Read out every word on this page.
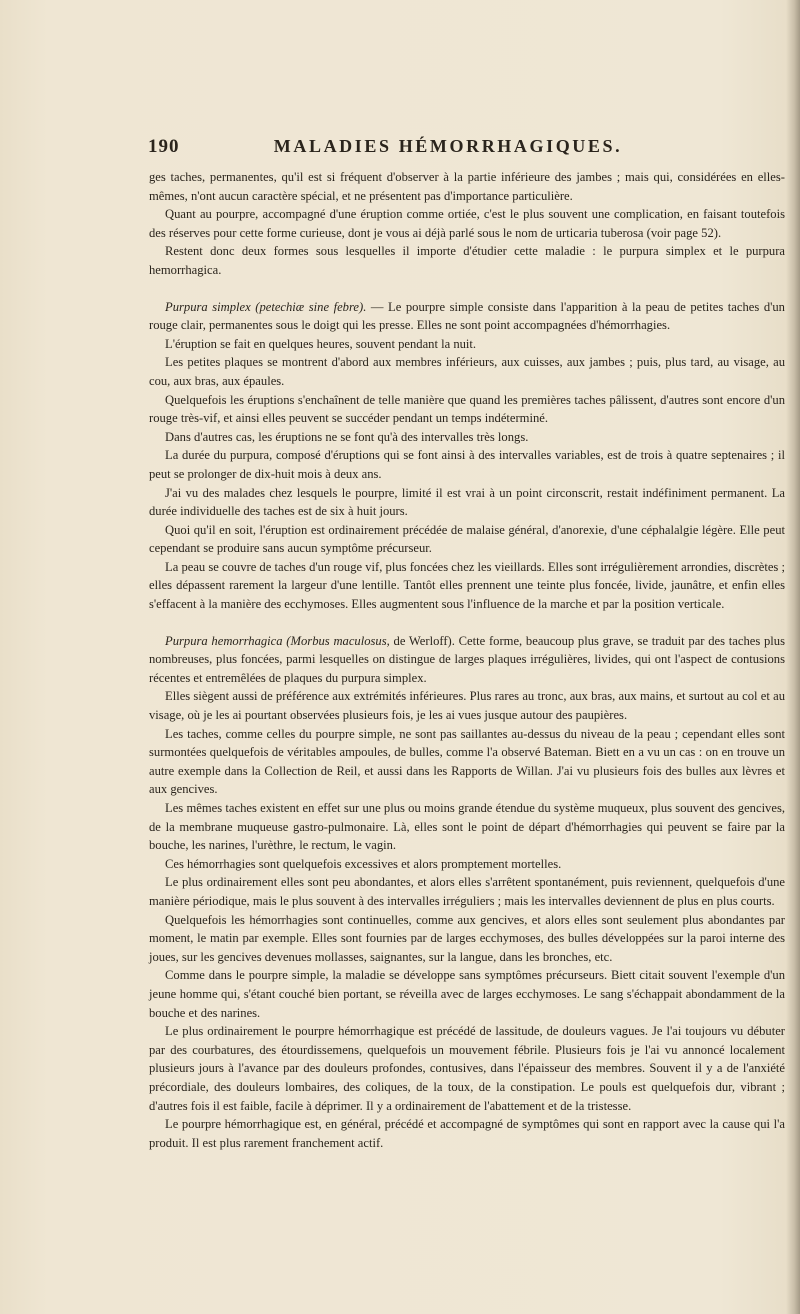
190	MALADIES HÉMORRHAGIQUES.

ges taches, permanentes, qu'il est si fréquent d'observer à la partie inférieure des jambes ; mais qui, considérées en elles-mêmes, n'ont aucun caractère spécial, et ne présentent pas d'importance particulière.

Quant au pourpre, accompagné d'une éruption comme ortiée, c'est le plus souvent une complication, en faisant toutefois des réserves pour cette forme curieuse, dont je vous ai déjà parlé sous le nom de urticaria tuberosa (voir page 52).

Restent donc deux formes sous lesquelles il importe d'étudier cette maladie : le purpura simplex et le purpura hemorrhagica.

Purpura simplex (petechiæ sine febre). — Le pourpre simple consiste dans l'apparition à la peau de petites taches d'un rouge clair, permanentes sous le doigt qui les presse. Elles ne sont point accompagnées d'hémorrhagies.

L'éruption se fait en quelques heures, souvent pendant la nuit.

Les petites plaques se montrent d'abord aux membres inférieurs, aux cuisses, aux jambes ; puis, plus tard, au visage, au cou, aux bras, aux épaules.

Quelquefois les éruptions s'enchaînent de telle manière que quand les premières taches pâlissent, d'autres sont encore d'un rouge très-vif, et ainsi elles peuvent se succéder pendant un temps indéterminé.

Dans d'autres cas, les éruptions ne se font qu'à des intervalles très longs.

La durée du purpura, composé d'éruptions qui se font ainsi à des intervalles variables, est de trois à quatre septenaires ; il peut se prolonger de dix-huit mois à deux ans.

J'ai vu des malades chez lesquels le pourpre, limité il est vrai à un point circonscrit, restait indéfiniment permanent. La durée individuelle des taches est de six à huit jours.

Quoi qu'il en soit, l'éruption est ordinairement précédée de malaise général, d'anorexie, d'une céphalalgie légère. Elle peut cependant se produire sans aucun symptôme précurseur.

La peau se couvre de taches d'un rouge vif, plus foncées chez les vieillards. Elles sont irrégulièrement arrondies, discrètes ; elles dépassent rarement la largeur d'une lentille. Tantôt elles prennent une teinte plus foncée, livide, jaunâtre, et enfin elles s'effacent à la manière des ecchymoses. Elles augmentent sous l'influence de la marche et par la position verticale.

Purpura hemorrhagica (Morbus maculosus, de Werloff). Cette forme, beaucoup plus grave, se traduit par des taches plus nombreuses, plus foncées, parmi lesquelles on distingue de larges plaques irrégulières, livides, qui ont l'aspect de contusions récentes et entremêlées de plaques du purpura simplex.

Elles siègent aussi de préférence aux extrémités inférieures. Plus rares au tronc, aux bras, aux mains, et surtout au col et au visage, où je les ai pourtant observées plusieurs fois, je les ai vues jusque autour des paupières.

Les taches, comme celles du pourpre simple, ne sont pas saillantes au-dessus du niveau de la peau ; cependant elles sont surmontées quelquefois de véritables ampoules, de bulles, comme l'a observé Bateman. Biett en a vu un cas : on en trouve un autre exemple dans la Collection de Reil, et aussi dans les Rapports de Willan. J'ai vu plusieurs fois des bulles aux lèvres et aux gencives.

Les mêmes taches existent en effet sur une plus ou moins grande étendue du système muqueux, plus souvent des gencives, de la membrane muqueuse gastro-pulmonaire. Là, elles sont le point de départ d'hémorrhagies qui peuvent se faire par la bouche, les narines, l'urèthre, le rectum, le vagin.

Ces hémorrhagies sont quelquefois excessives et alors promptement mortelles.

Le plus ordinairement elles sont peu abondantes, et alors elles s'arrêtent spontanément, puis reviennent, quelquefois d'une manière périodique, mais le plus souvent à des intervalles irréguliers ; mais les intervalles deviennent de plus en plus courts.

Quelquefois les hémorrhagies sont continuelles, comme aux gencives, et alors elles sont seulement plus abondantes par moment, le matin par exemple. Elles sont fournies par de larges ecchymoses, des bulles développées sur la paroi interne des joues, sur les gencives devenues mollasses, saignantes, sur la langue, dans les bronches, etc.

Comme dans le pourpre simple, la maladie se développe sans symptômes précurseurs. Biett citait souvent l'exemple d'un jeune homme qui, s'étant couché bien portant, se réveilla avec de larges ecchymoses. Le sang s'échappait abondamment de la bouche et des narines.

Le plus ordinairement le pourpre hémorrhagique est précédé de lassitude, de douleurs vagues. Je l'ai toujours vu débuter par des courbatures, des étourdissemens, quelquefois un mouvement fébrile. Plusieurs fois je l'ai vu annoncé localement plusieurs jours à l'avance par des douleurs profondes, contusives, dans l'épaisseur des membres. Souvent il y a de l'anxiété précordiale, des douleurs lombaires, des coliques, de la toux, de la constipation. Le pouls est quelquefois dur, vibrant ; d'autres fois il est faible, facile à déprimer. Il y a ordinairement de l'abattement et de la tristesse.

Le pourpre hémorrhagique est, en général, précédé et accompagné de symptômes qui sont en rapport avec la cause qui l'a produit. Il est plus rarement franchement actif.
